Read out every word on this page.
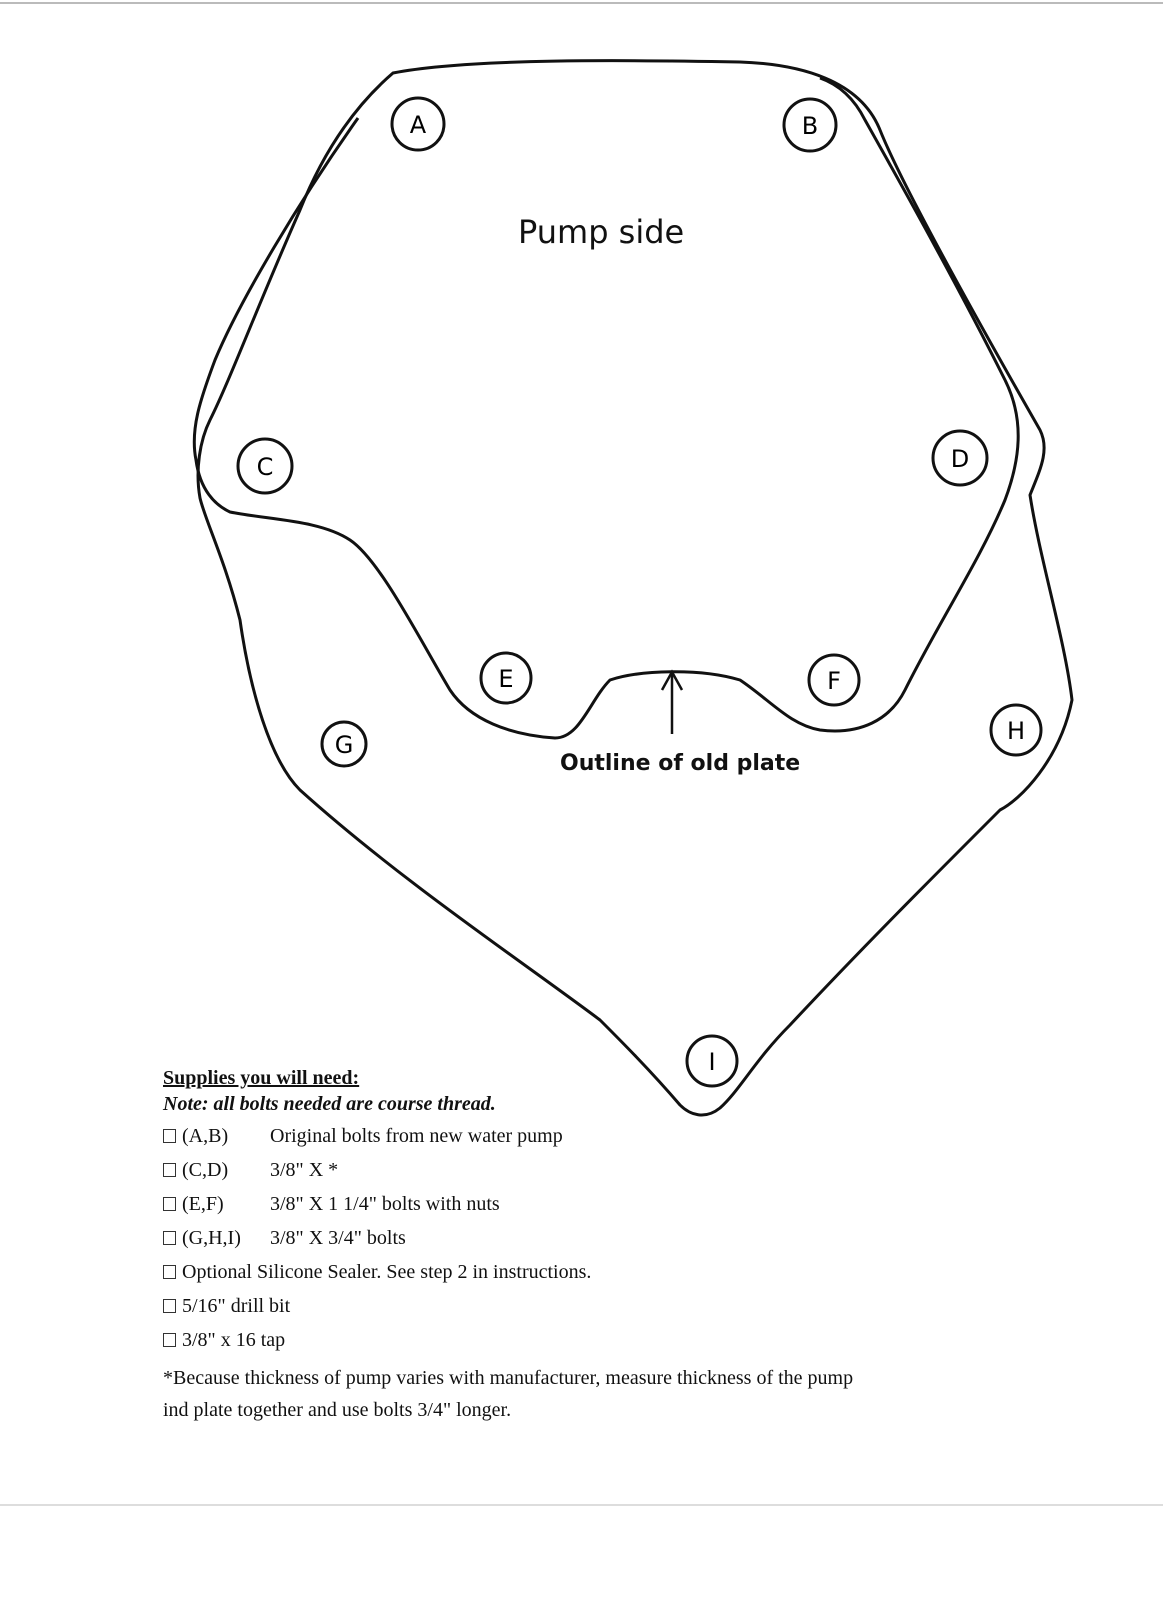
A	B
C	D
E	F
G	H
I
Pump side
Outline of old plate
Supplies you will need:
Note: all bolts needed are course thread.
(A,B)	Original bolts from new water pump
(C,D)	3/8" X *
(E,F)	3/8" X 1 1/4" bolts with nuts
(G,H,I)	3/8" X 3/4" bolts
Optional Silicone Sealer. See step 2 in instructions.
5/16" drill bit
3/8" x 16 tap
*Because thickness of pump varies with manufacturer, measure thickness of the pump
ind plate together and use bolts 3/4" longer.
